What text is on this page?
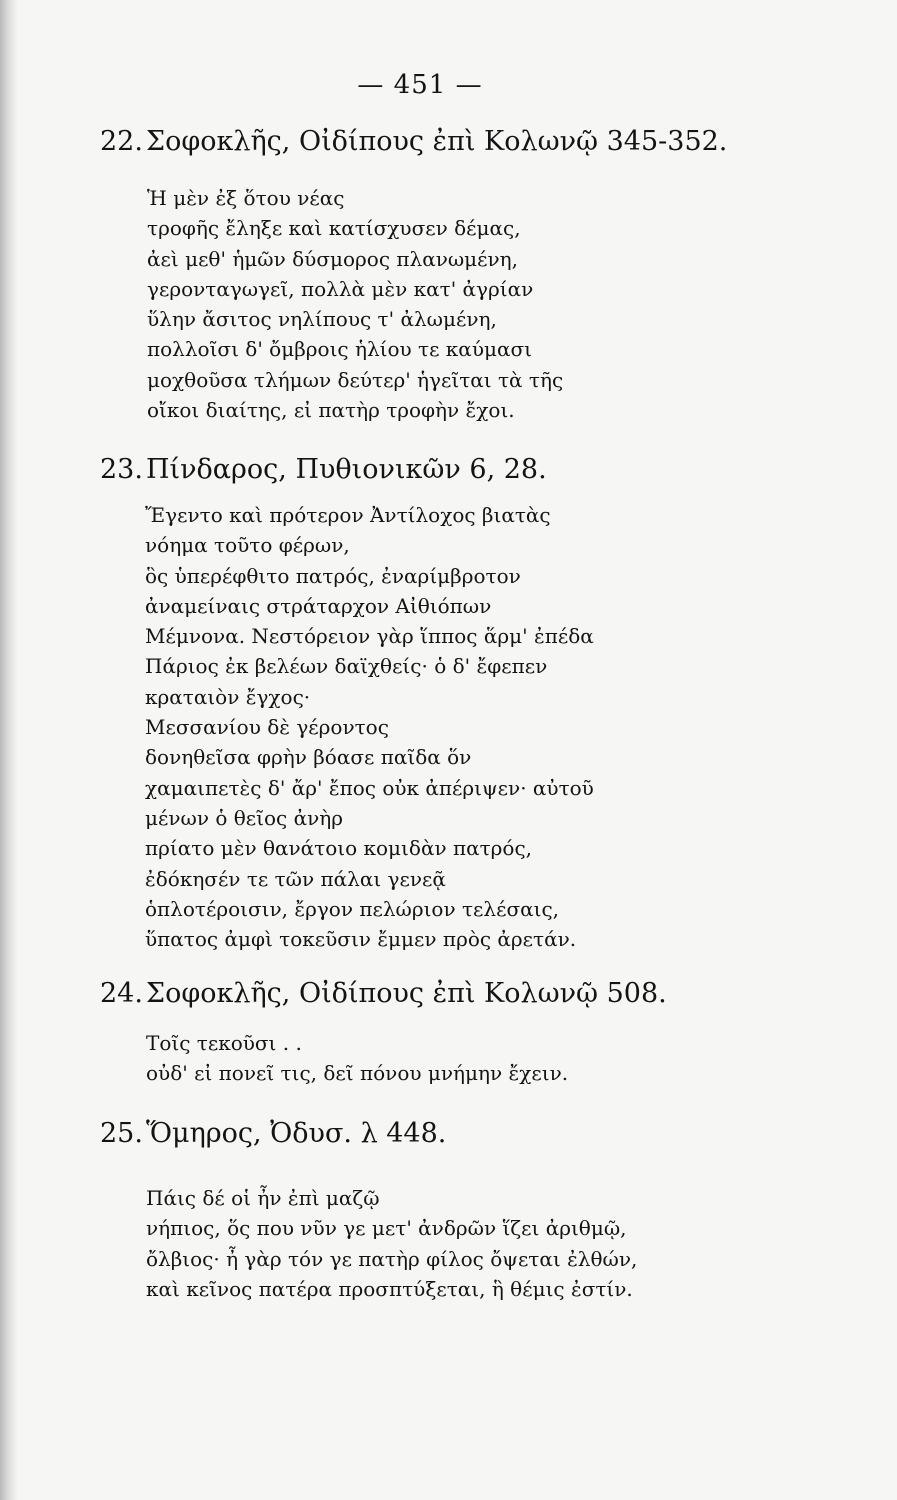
— 451 —
22. Σοφοκλῆς, Οἰδίπους ἐπὶ Κολωνῷ 345-352.
Ἡ μὲν ἐξ ὅτου νέας
τροφῆς ἔληξε καὶ κατίσχυσεν δέμας,
ἀεὶ μεθ' ἡμῶν δύσμορος πλανωμένη,
γερονταγωγεῖ, πολλὰ μὲν κατ' ἀγρίαν
ὕλην ἄσιτος νηλίπους τ' ἀλωμένη,
πολλοῖσι δ' ὄμβροις ἡλίου τε καύμασι
μοχθοῦσα τλήμων δεύτερ' ἡγεῖται τὰ τῆς
οἴκοι διαίτης, εἰ πατὴρ τροφὴν ἔχοι.
23. Πίνδαρος, Πυθιονικῶν 6, 28.
Ἔγεντο καὶ πρότερον Ἀντίλοχος βιατὰς
νόημα τοῦτο φέρων,
ὃς ὑπερέφθιτο πατρός, ἐναρίμβροτον
ἀναμείναις στράταρχον Αἰθιόπων
Μέμνονα. Νεστόρειον γὰρ ἵππος ἅρμ' ἐπέδα
Πάριος ἐκ βελέων δαϊχθείς· ὁ δ' ἔφεπεν
κραταιὸν ἔγχος·
Μεσσανίου δὲ γέροντος
δονηθεῖσα φρὴν βόασε παῖδα ὅν
χαμαιπετὲς δ' ἄρ' ἔπος οὐκ ἀπέριψεν· αὐτοῦ
μένων ὁ θεῖος ἀνὴρ
πρίατο μὲν θανάτοιο κομιδὰν πατρός,
ἐδόκησέν τε τῶν πάλαι γενεᾷ
ὁπλοτέροισιν, ἔργον πελώριον τελέσαις,
ὕπατος ἀμφὶ τοκεῦσιν ἔμμεν πρὸς ἀρετάν.
24. Σοφοκλῆς, Οἰδίπους ἐπὶ Κολωνῷ 508.
Τοῖς τεκοῦσι . .
οὐδ' εἰ πονεῖ τις, δεῖ πόνου μνήμην ἔχειν.
25. Ὅμηρος, Ὀδυσ. λ 448.
Πάις δέ οἱ ἦν ἐπὶ μαζῷ
νήπιος, ὅς που νῦν γε μετ' ἀνδρῶν ἵζει ἀριθμῷ,
ὄλβιος· ἦ γὰρ τόν γε πατὴρ φίλος ὄψεται ἐλθών,
καὶ κεῖνος πατέρα προσπτύξεται, ἣ θέμις ἐστίν.
